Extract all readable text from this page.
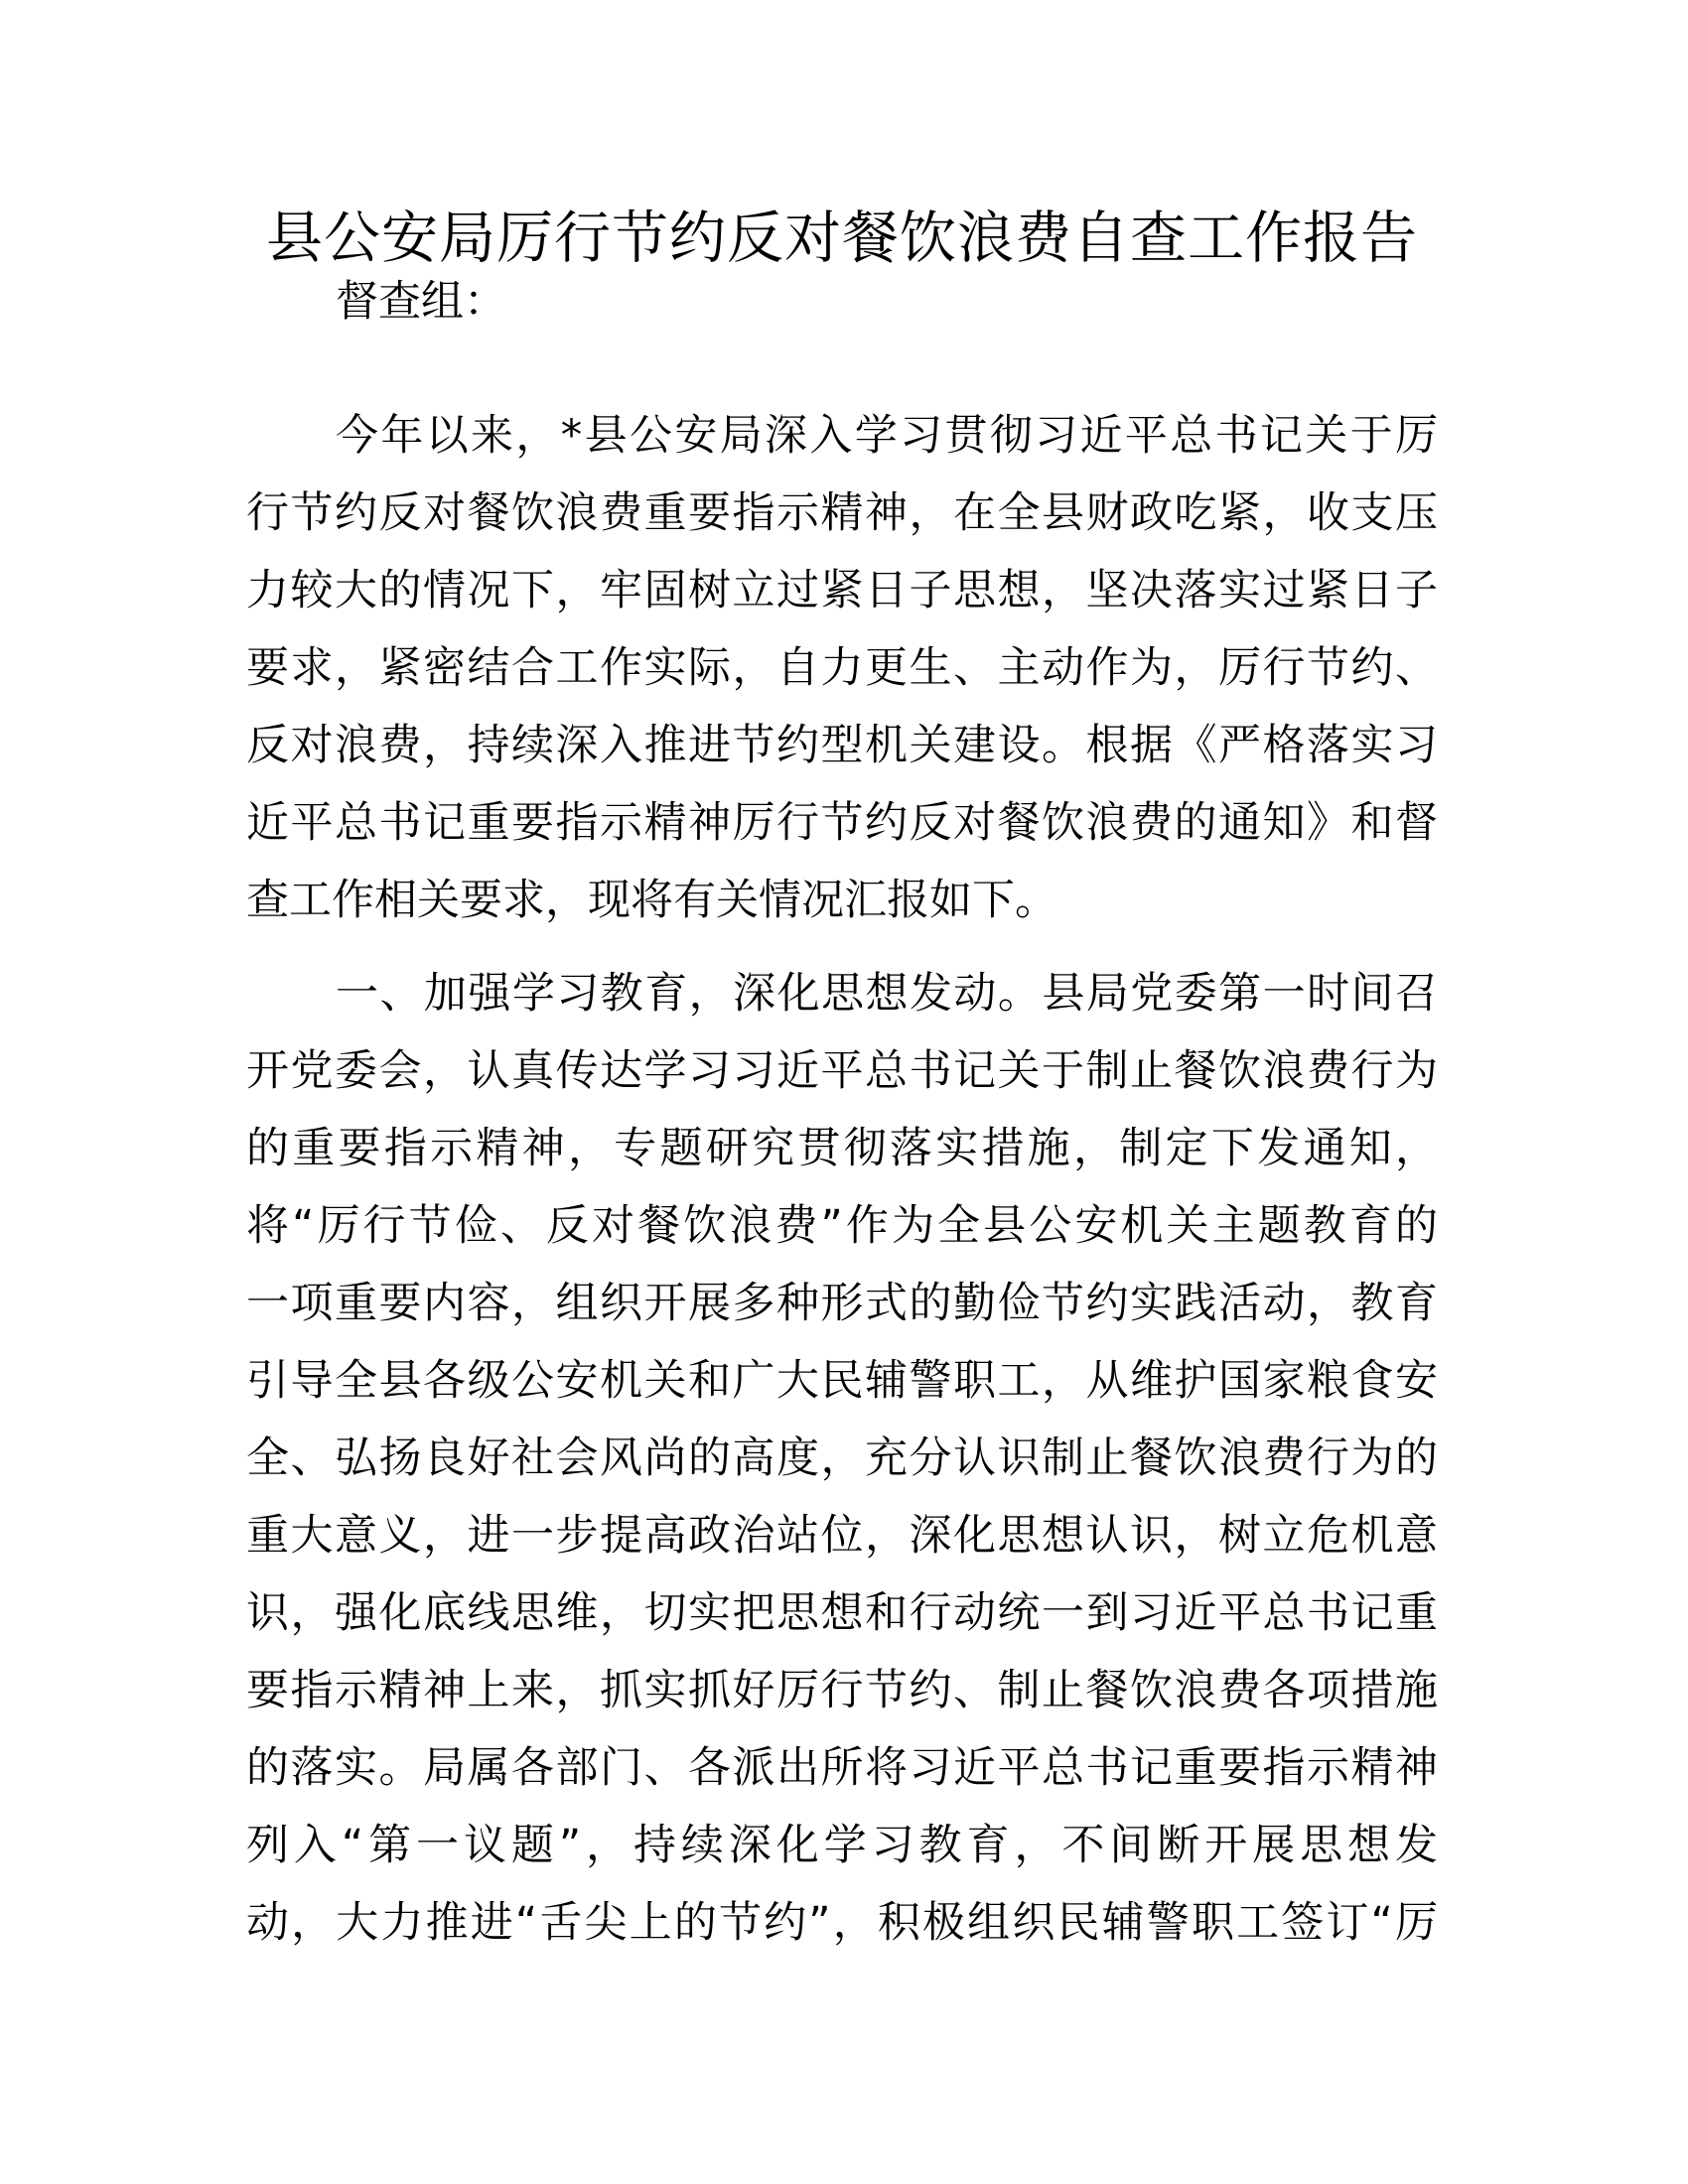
县公安局厉行节约反对餐饮浪费自查工作报告
督查组：
今年以来，*县公安局深入学习贯彻习近平总书记关于厉
行节约反对餐饮浪费重要指示精神，在全县财政吃紧，收支压
力较大的情况下，牢固树立过紧日子思想，坚决落实过紧日子
要求，紧密结合工作实际，自力更生、主动作为，厉行节约、
反对浪费，持续深入推进节约型机关建设。根据《严格落实习
近平总书记重要指示精神厉行节约反对餐饮浪费的通知》和督
查工作相关要求，现将有关情况汇报如下。
一、加强学习教育，深化思想发动。县局党委第一时间召
开党委会，认真传达学习习近平总书记关于制止餐饮浪费行为
的重要指示精神，专题研究贯彻落实措施，制定下发通知，
将“厉行节俭、反对餐饮浪费”作为全县公安机关主题教育的
一项重要内容，组织开展多种形式的勤俭节约实践活动，教育
引导全县各级公安机关和广大民辅警职工，从维护国家粮食安
全、弘扬良好社会风尚的高度，充分认识制止餐饮浪费行为的
重大意义，进一步提高政治站位，深化思想认识，树立危机意
识，强化底线思维，切实把思想和行动统一到习近平总书记重
要指示精神上来，抓实抓好厉行节约、制止餐饮浪费各项措施
的落实。局属各部门、各派出所将习近平总书记重要指示精神
列入“第一议题”，持续深化学习教育，不间断开展思想发
动，大力推进“舌尖上的节约”，积极组织民辅警职工签订“厉
